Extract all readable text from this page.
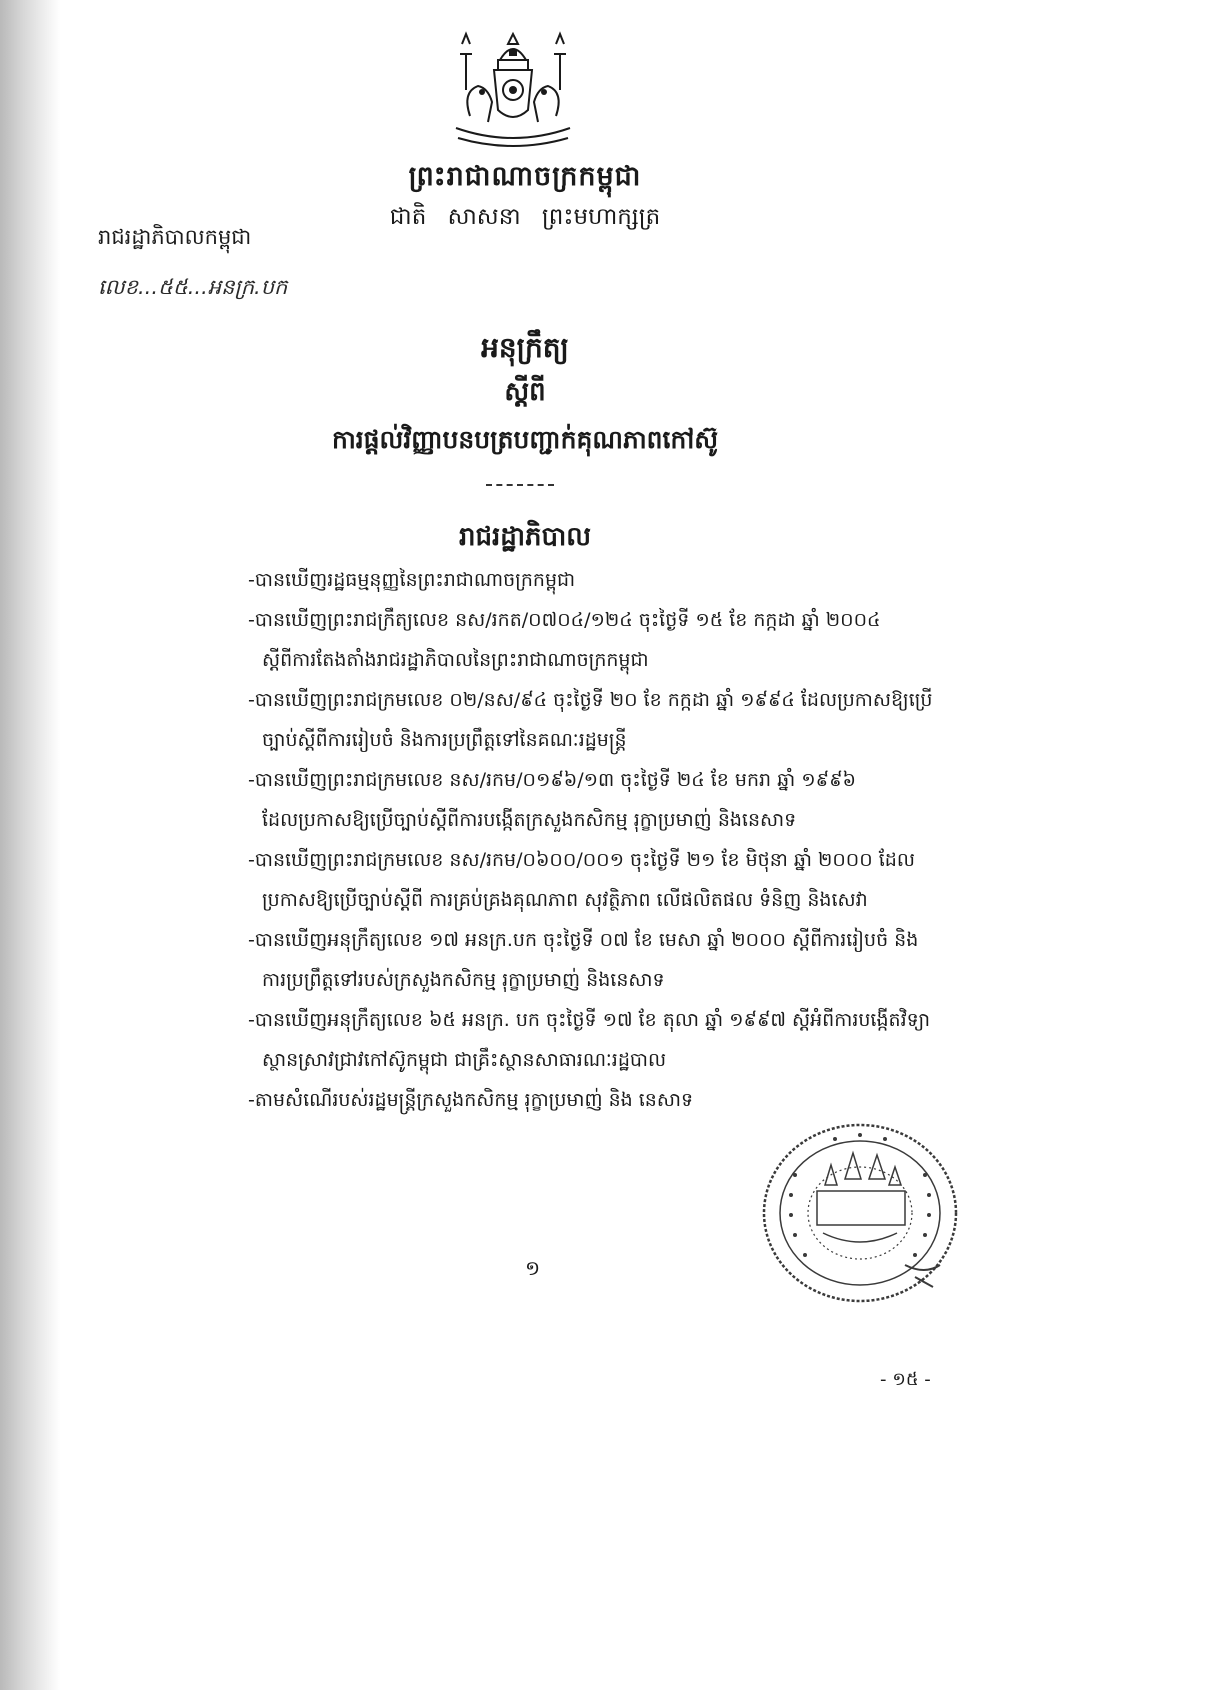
ព្រះរាជាណាចក្រកម្ពុជា
ជាតិ សាសនា ព្រះមហាក្សត្រ
រាជរដ្ឋាភិបាលកម្ពុជា
លេខ...៥៥...អនក្រ.បក
អនុក្រឹត្យ
ស្តីពី
ការផ្តល់វិញ្ញាបនបត្របញ្ជាក់គុណភាពកៅស៊ូ
រាជរដ្ឋាភិបាល
-បានឃើញរដ្ឋធម្មនុញ្ញនៃព្រះរាជាណាចក្រកម្ពុជា
-បានឃើញព្រះរាជក្រឹត្យលេខ នស/រកត/០៧០៤/១២៤ ចុះថ្ងៃទី ១៥ ខែ កក្កដា ឆ្នាំ ២០០៤
ស្តីពីការតែងតាំងរាជរដ្ឋាភិបាលនៃព្រះរាជាណាចក្រកម្ពុជា
-បានឃើញព្រះរាជក្រមលេខ ០២/នស/៩៤ ចុះថ្ងៃទី ២០ ខែ កក្កដា ឆ្នាំ ១៩៩៤ ដែលប្រកាសឱ្យប្រើ
ច្បាប់ស្តីពីការរៀបចំ និងការប្រព្រឹត្តទៅនៃគណៈរដ្ឋមន្ត្រី
-បានឃើញព្រះរាជក្រមលេខ នស/រកម/០១៩៦/១៣ ចុះថ្ងៃទី ២៤ ខែ មករា ឆ្នាំ ១៩៩៦
ដែលប្រកាសឱ្យប្រើច្បាប់ស្តីពីការបង្កើតក្រសួងកសិកម្ម រុក្ខាប្រមាញ់ និងនេសាទ
-បានឃើញព្រះរាជក្រមលេខ នស/រកម/០៦០០/០០១ ចុះថ្ងៃទី ២១ ខែ មិថុនា ឆ្នាំ ២០០០ ដែល
ប្រកាសឱ្យប្រើច្បាប់ស្តីពី ការគ្រប់គ្រងគុណភាព សុវត្ថិភាព លើផលិតផល ទំនិញ និងសេវា
-បានឃើញអនុក្រឹត្យលេខ ១៧ អនក្រ.បក ចុះថ្ងៃទី ០៧ ខែ មេសា ឆ្នាំ ២០០០ ស្តីពីការរៀបចំ និង
ការប្រព្រឹត្តទៅរបស់ក្រសួងកសិកម្ម រុក្ខាប្រមាញ់ និងនេសាទ
-បានឃើញអនុក្រឹត្យលេខ ៦៥ អនក្រ. បក ចុះថ្ងៃទី ១៧ ខែ តុលា ឆ្នាំ ១៩៩៧ ស្តីអំពីការបង្កើតវិទ្យា
ស្ថានស្រាវជ្រាវកៅស៊ូកម្ពុជា ជាគ្រឹះស្ថានសាធារណៈរដ្ឋបាល
-តាមសំណើរបស់រដ្ឋមន្ត្រីក្រសួងកសិកម្ម រុក្ខាប្រមាញ់ និង នេសាទ
១
- ១៥ -
